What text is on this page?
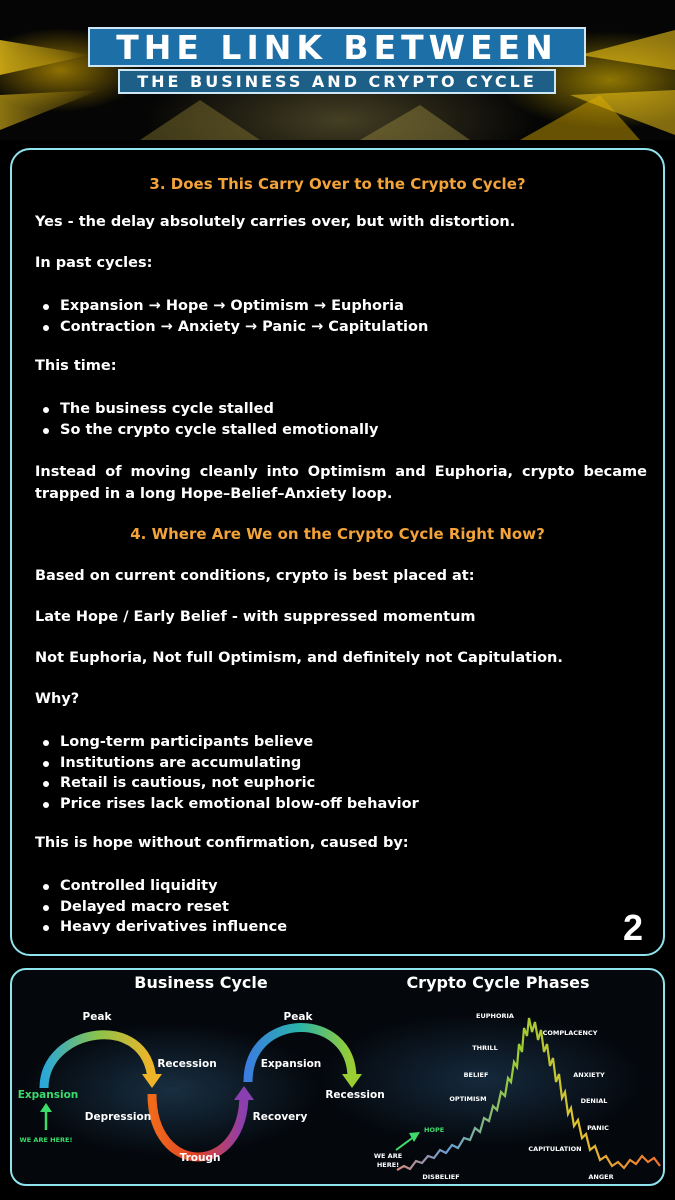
THE LINK BETWEEN
THE BUSINESS AND CRYPTO CYCLE
3. Does This Carry Over to the Crypto Cycle?
Yes - the delay absolutely carries over, but with distortion.
In past cycles:
Expansion → Hope → Optimism → Euphoria
Contraction → Anxiety → Panic → Capitulation
This time:
The business cycle stalled
So the crypto cycle stalled emotionally
Instead of moving cleanly into Optimism and Euphoria, crypto became trapped in a long Hope–Belief–Anxiety loop.
4. Where Are We on the Crypto Cycle Right Now?
Based on current conditions, crypto is best placed at:
Late Hope / Early Belief - with suppressed momentum
Not Euphoria, Not full Optimism, and definitely not Capitulation.
Why?
Long-term participants believe
Institutions are accumulating
Retail is cautious, not euphoric
Price rises lack emotional blow-off behavior
This is hope without confirmation, caused by:
Controlled liquidity
Delayed macro reset
Heavy derivatives influence	2
Business Cycle	Crypto Cycle Phases
Peak
Recession
Expansion
WE ARE HERE!
Depression
Trough
Peak
Expansion
Recovery
Recession
EUPHORIA
COMPLACENCY
THRILL
BELIEF	ANXIETY
OPTIMISM	DENIAL
HOPE
WE ARE
HERE!
PANIC
CAPITULATION
DISBELIEF	ANGER
